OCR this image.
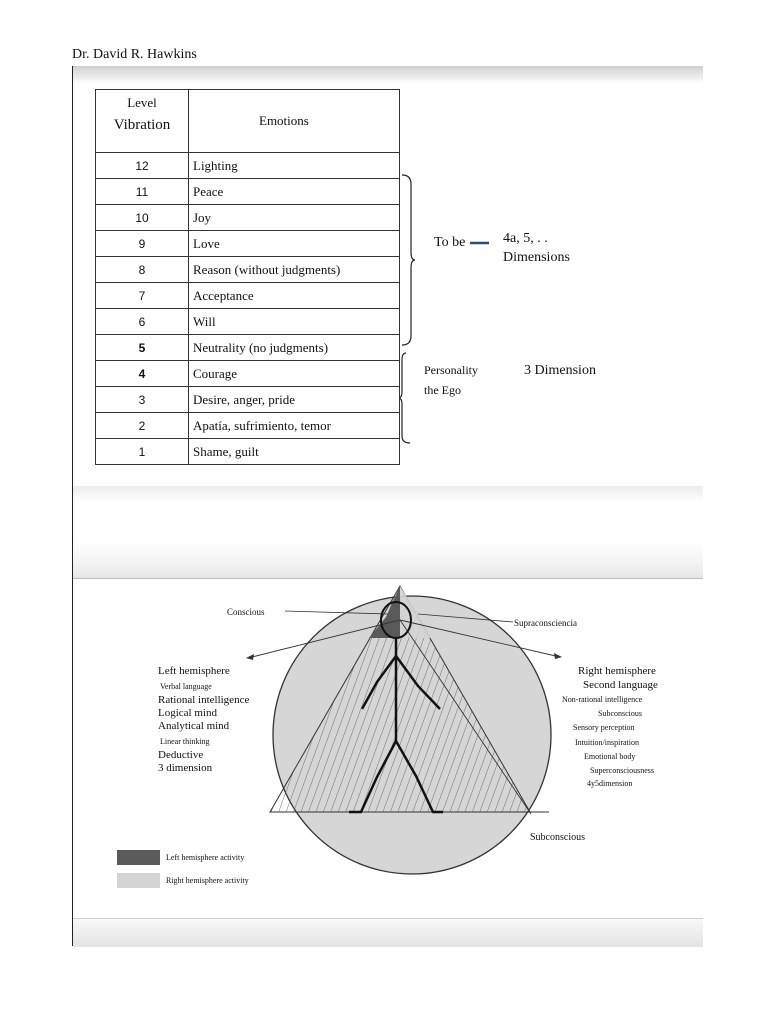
Dr. David R. Hawkins
Level
Vibration	Emotions
12	Lighting
11	Peace
10	Joy
9	Love
8	Reason (without judgments)
7	Acceptance
6	Will
5	Neutrality (no judgments)
4	Courage
3	Desire, anger, pride
2	Apatía, sufrimiento, temor
1	Shame, guilt
To be	4a, 5, . .
Dimensions
Personality
the Ego
3 Dimension
Conscious
Supraconsciencia
Left hemisphere
Verbal language
Rational intelligence
Logical mind
Analytical mind
Linear thinking
Deductive
3 dimension
Right hemisphere
Second language
Non-rational intelligence
Subconscious
Sensory perception
Intuition/inspiration
Emotional body
Superconsciousness
4y5dimension
Subconscious
Left hemisphere activity
Right hemisphere activity
